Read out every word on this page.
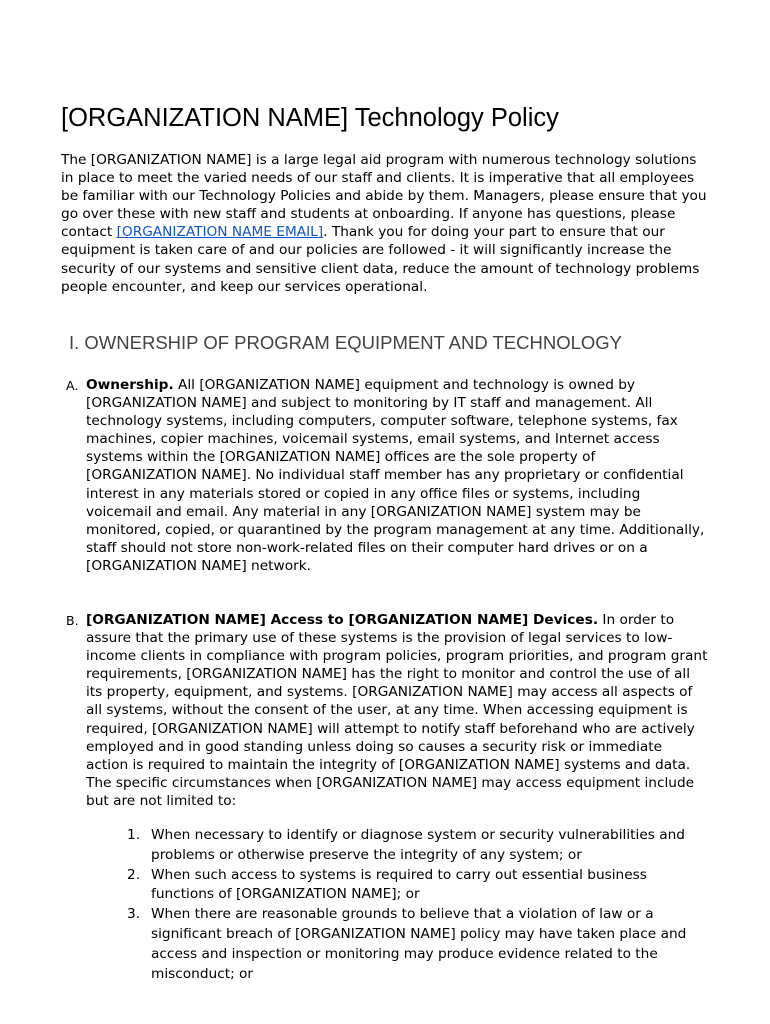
[ORGANIZATION NAME] Technology Policy

The [ORGANIZATION NAME] is a large legal aid program with numerous technology solutions in place to meet the varied needs of our staff and clients. It is imperative that all employees be familiar with our Technology Policies and abide by them. Managers, please ensure that you go over these with new staff and students at onboarding. If anyone has questions, please contact [ORGANIZATION NAME EMAIL]. Thank you for doing your part to ensure that our equipment is taken care of and our policies are followed - it will significantly increase the security of our systems and sensitive client data, reduce the amount of technology problems people encounter, and keep our services operational.

I. OWNERSHIP OF PROGRAM EQUIPMENT AND TECHNOLOGY
A. Ownership. All [ORGANIZATION NAME] equipment and technology is owned by [ORGANIZATION NAME] and subject to monitoring by IT staff and management. All technology systems, including computers, computer software, telephone systems, fax machines, copier machines, voicemail systems, email systems, and Internet access systems within the [ORGANIZATION NAME] offices are the sole property of [ORGANIZATION NAME]. No individual staff member has any proprietary or confidential interest in any materials stored or copied in any office files or systems, including voicemail and email. Any material in any [ORGANIZATION NAME] system may be monitored, copied, or quarantined by the program management at any time. Additionally, staff should not store non-work-related files on their computer hard drives or on a [ORGANIZATION NAME] network.
B. [ORGANIZATION NAME] Access to [ORGANIZATION NAME] Devices. In order to assure that the primary use of these systems is the provision of legal services to low-income clients in compliance with program policies, program priorities, and program grant requirements, [ORGANIZATION NAME] has the right to monitor and control the use of all its property, equipment, and systems. [ORGANIZATION NAME] may access all aspects of all systems, without the consent of the user, at any time. When accessing equipment is required, [ORGANIZATION NAME] will attempt to notify staff beforehand who are actively employed and in good standing unless doing so causes a security risk or immediate action is required to maintain the integrity of [ORGANIZATION NAME] systems and data. The specific circumstances when [ORGANIZATION NAME] may access equipment include but are not limited to:
1. When necessary to identify or diagnose system or security vulnerabilities and problems or otherwise preserve the integrity of any system; or
2. When such access to systems is required to carry out essential business functions of [ORGANIZATION NAME]; or
3. When there are reasonable grounds to believe that a violation of law or a significant breach of [ORGANIZATION NAME] policy may have taken place and access and inspection or monitoring may produce evidence related to the misconduct; or
